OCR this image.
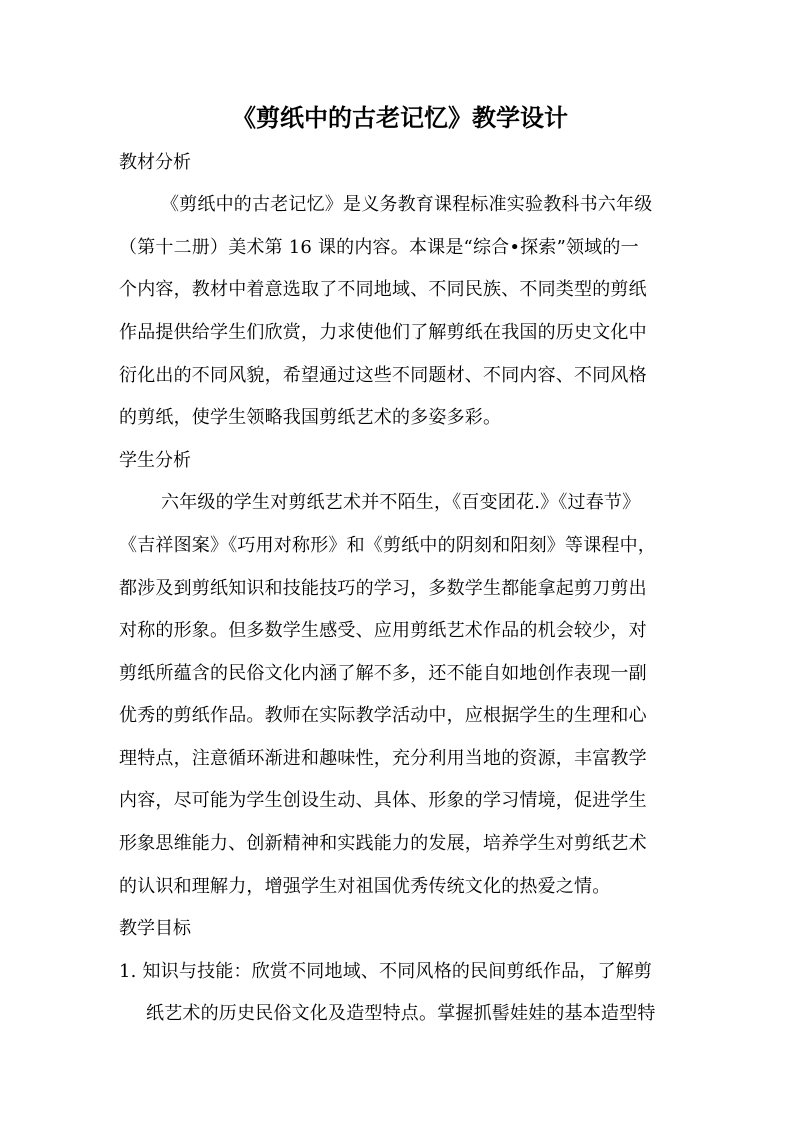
《剪纸中的古老记忆》教学设计
教材分析
《剪纸中的古老记忆》是义务教育课程标准实验教科书六年级
（第十二册）美术第 16 课的内容。本课是“综合•探索”领域的一
个内容，教材中着意选取了不同地域、不同民族、不同类型的剪纸
作品提供给学生们欣赏，力求使他们了解剪纸在我国的历史文化中
衍化出的不同风貌，希望通过这些不同题材、不同内容、不同风格
的剪纸，使学生领略我国剪纸艺术的多姿多彩。
学生分析
六年级的学生对剪纸艺术并不陌生，《百变团花.》《过春节》
《吉祥图案》《巧用对称形》和《剪纸中的阴刻和阳刻》等课程中，
都涉及到剪纸知识和技能技巧的学习，多数学生都能拿起剪刀剪出
对称的形象。但多数学生感受、应用剪纸艺术作品的机会较少，对
剪纸所蕴含的民俗文化内涵了解不多，还不能自如地创作表现一副
优秀的剪纸作品。教师在实际教学活动中，应根据学生的生理和心
理特点，注意循环渐进和趣味性，充分利用当地的资源，丰富教学
内容，尽可能为学生创设生动、具体、形象的学习情境，促进学生
形象思维能力、创新精神和实践能力的发展，培养学生对剪纸艺术
的认识和理解力，增强学生对祖国优秀传统文化的热爱之情。
教学目标
1. 知识与技能：欣赏不同地域、不同风格的民间剪纸作品，了解剪
纸艺术的历史民俗文化及造型特点。掌握抓髻娃娃的基本造型特
